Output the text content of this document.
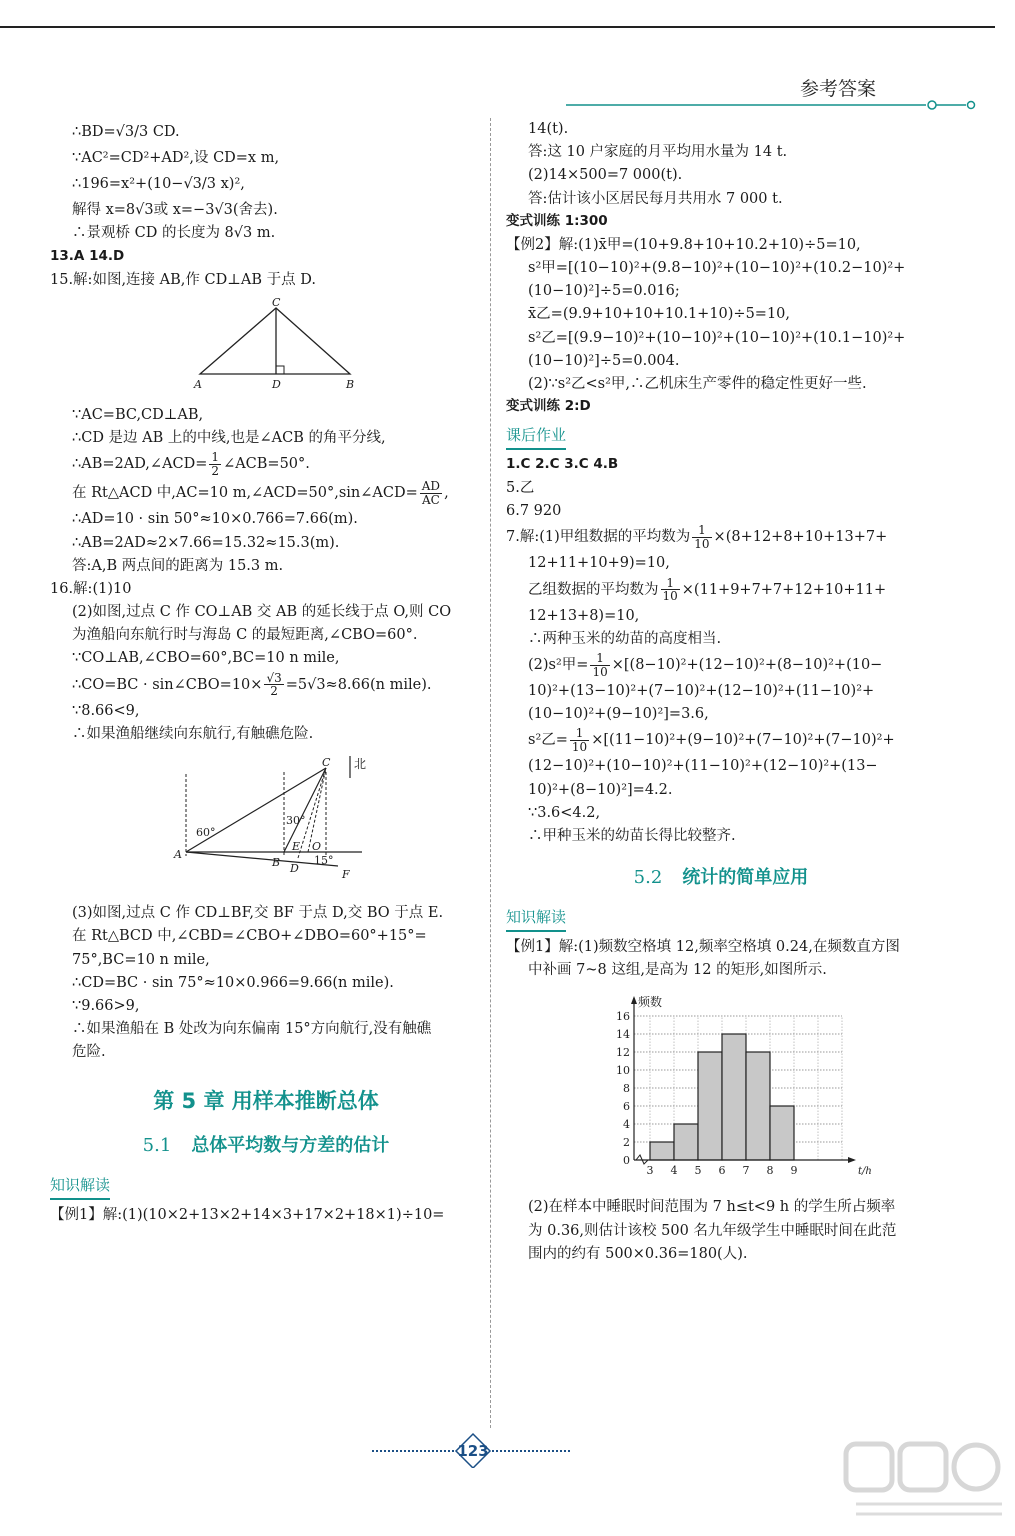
参考答案
∴BD=√3/3 CD.
∵AC²=CD²+AD²,设 CD=x m,
∴196=x²+(10−√3/3 x)²,
解得 x=8√3或 x=−3√3(舍去).
∴景观桥 CD 的长度为 8√3 m.
13.A 14.D
15.解:如图,连接 AB,作 CD⊥AB 于点 D.
C
A	D	B
∵AC=BC,CD⊥AB,
∴CD 是边 AB 上的中线,也是∠ACB 的角平分线,
∴AB=2AD,∠ACD= $\frac{1}{2}$ ∠ACB=50°.
在 Rt△ACD 中,AC=10 m,∠ACD=50°,sin∠ACD= $\frac{AD}{AC}$ ,
∴AD=10 · sin 50°≈10×0.766=7.66(m).
∴AB=2AD≈2×7.66=15.32≈15.3(m).
答:A,B 两点间的距离为 15.3 m.
16.解:(1)10
(2)如图,过点 C 作 CO⊥AB 交 AB 的延长线于点 O,则 CO
为渔船向东航行时与海岛 C 的最短距离,∠CBO=60°.
∵CO⊥AB,∠CBO=60°,BC=10 n mile,
∴CO=BC · sin∠CBO=10× $\frac{√3}{2} =5√3\approx 8.66(n$ mile).
∵8.66<9,
∴如果渔船继续向东航行,有触礁危险.
北
C
60°
30°
A
B
E O
D
15°
F
(3)如图,过点 C 作 CD⊥BF,交 BF 于点 D,交 BO 于点 E.
在 Rt△BCD 中,∠CBD=∠CBO+∠DBO=60°+15°=
75°,BC=10 n mile,
∴CD=BC · sin 75°≈10×0.966=9.66(n mile).
∵9.66>9,
∴如果渔船在 B 处改为向东偏南 15°方向航行,没有触礁
危险.
第 5 章 用样本推断总体
5.1 总体平均数与方差的估计
知识解读
【例1】解:(1)(10×2+13×2+14×3+17×2+18×1)÷10=
14(t).
答:这 10 户家庭的月平均用水量为 14 t.
(2)14×500=7 000(t).
答:估计该小区居民每月共用水 7 000 t.
变式训练 1:300
【例2】解:(1)x̄甲=(10+9.8+10+10.2+10)÷5=10,
s²甲=[(10−10)²+(9.8−10)²+(10−10)²+(10.2−10)²+
(10−10)²]÷5=0.016;
x̄乙=(9.9+10+10+10.1+10)÷5=10,
s²乙=[(9.9−10)²+(10−10)²+(10−10)²+(10.1−10)²+
(10−10)²]÷5=0.004.
(2)∵s²乙<s²甲,∴乙机床生产零件的稳定性更好一些.
变式训练 2:D
课后作业
1.C 2.C 3.C 4.B
5.乙
6.7 920
7.解:(1)甲组数据的平均数为 $\frac{1}{10} \times(8+12+8+10+13+7+$
12+11+10+9)=10,
乙组数据的平均数为 $\frac{1}{10} \times(11+9+7+7+12+10+11+$
12+13+8)=10,
∴两种玉米的幼苗的高度相当.
(2)s²甲= $\frac{1}{10} \times[(8-10)^2+(12-10)^2+(8-10)^2+(10-$
10)²+(13−10)²+(7−10)²+(12−10)²+(11−10)²+
(10−10)²+(9−10)²]=3.6,
s²乙= $\frac{1}{10} \times[(11-10)^2+(9-10)^2+(7-10)^2+(7-10)^2+$
(12−10)²+(10−10)²+(11−10)²+(12−10)²+(13−
10)²+(8−10)²]=4.2.
∵3.6<4.2,
∴甲种玉米的幼苗长得比较整齐.
5.2 统计的简单应用
知识解读
【例1】解:(1)频数空格填 12,频率空格填 0.24,在频数直方图
中补画 7~8 这组,是高为 12 的矩形,如图所示.
2
4
6
8
10
12
14
16
0
3 4 5 6 7 8 9
频数
t/h
(2)在样本中睡眠时间范围为 7 h≤t<9 h 的学生所占频率
为 0.36,则估计该校 500 名九年级学生中睡眠时间在此范
围内的约有 500×0.36=180(人).
123
